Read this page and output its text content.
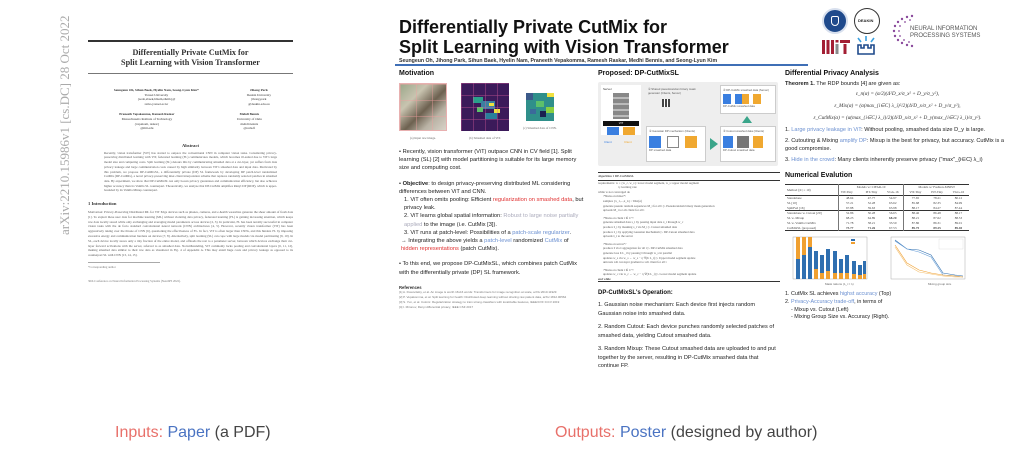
arXiv:2210.15986v1 [cs.DC] 28 Oct 2022	Differentially Private CutMix for
Split Learning with Vision Transformer
Seungeun Oh, Sihun Baek, Hyelin Nam, Seong-Lyun Kim*
Yonsei University
{seoh,sbaek,hlnam,slkim}@
ramo.yonsei.ac.kr
Jihong Park
Deakin University
jihong.park
@deakin.edu.au
Praneeth Vepakomma, Ramesh Raskar
Massachusetts Institute of Technology
{vepakom, raskar}
@mit.edu
Mehdi Bennis
University of Oulu
mehdi.bennis
@oulu.fi
Abstract
Recently, vision transformer (ViT) has started to outpace the conventional CNN in computer vision tasks. Considering privacy-preserving distributed learning with ViT, federated learning (FL) communicates models, which becomes ill-suited due to ViT's large model size and computing costs. Split learning (SL) detours this by communicating smashed data at a cut-layer, yet suffers from data privacy leakage and large communication costs caused by high similarity between ViT's smashed data and input data. Motivated by this problem, we propose DP-CutMixSL, a differentially private (DP) SL framework by developing DP patch-level randomized CutMix (DP-CutMix), a novel privacy-preserving inter-client interpolation scheme that replaces randomly selected patches in smashed data. By experiment, we show that DP-CutMixSL not only boosts privacy guarantees and communication efficiency, but also achieves higher accuracy than its Vanilla SL counterpart. Theoretically, we analyze that DP-CutMix amplifies Rényi DP (RDP), which is upper-bounded by its Vanilla Mixup counterpart.
1 Introduction
Motivation: Privacy-Preserving Distributed ML for ViT Edge devices such as phones, cameras, and e-health wearables generate the sheer amount of fresh data [1]. To exploit these user data for machine learning (ML) without violating data privacy, federated learning (FL) is gaining increasing attention, which keeps raw data locally stored while only exchanging and averaging model parameters across devices [2, 3]. In particular, FL has been notably successful in computer vision tasks with the de facto standard convolutional neural network (CNN) architectures [4, 5]. However, recently vision transformer (ViT) has been aggressively taking over the throne of CNN [6], questioning the effectiveness of FL. In fact, ViT is often larger than CNNs, and this hinders FL by imposing excessive energy and communication burdens on devices [7, 8]. Alternatively, split learning (SL) can cope with large models via model partitioning [9, 10]. In SL, each device locally stores only a tiny fraction of the entire model, and offloads the rest to a parameter server, between which devices exchange their cut-layer forward activations with the server, referred to as smashed data. Notwithstanding, ViT commonly lacks pooling and convolutional layers [6, 11, 12], making smashed data similar to their raw data as visualized in Fig. 4 of Appendix A. This may entail huge costs and privacy leakage as opposed to its counterpart SL with CNN [13, 14, 15].
*Corresponding author
36th Conference on Neural Information Processing Systems (NeurIPS 2022).
Inputs: Paper (a PDF)
Differentially Private CutMix for
Split Learning with Vision Transformer
Seungeun Oh, Jihong Park, Sihun Baek, Hyelin Nam, Praneeth Vepakomma, Ramesh Raskar, Medhi Bennis, and Seong-Lyun Kim
DEAKIN
NEURAL INFORMATION
PROCESSING SYSTEMS
Motivation
(a) Input raw image.	(b) Smashed data of ViT.
(c) Smashed data of CNN.
• Recently, vision transformer (ViT) outpace CNN in CV field [1]. Split learning (SL) [2] with model partitioning is suitable for its large memory size and computing cost.
• Objective: to design privacy-preserving distributed ML considering differences between ViT and CNN.
1. ViT often omits pooling: Efficient regularization on smashed data, but privacy leak.
2. ViT learns global spatial information: Robust to large noise partially applied to the image (i.e. CutMix [3]).
3. ViT runs at patch-level: Possibilities of a patch-scale regularizer.
→ Integrating the above yields a patch-level randomized CutMix of hidden representations (patch CutMix).
• To this end, we propose DP-CutMixSL, which combines patch CutMix with the differentially private (DP) SL framework.
References
[1] A. Dosovitskiy, et al. An image is worth 16x16 words: Transformers for image recognition at scale, arXiv:2010.11929
[2] P. Vepakomma, et al. Split learning for health: Distributed deep learning without sharing raw patient data, arXiv:1812.00564
[3] S. Yun, et al. Cutmix: Regularization strategy to train strong classifiers with localizable features, IEEE/CVF ICCV 2019
[4] I. Mironov, Rényi differential privacy, IEEE CSF 2017
Proposed: DP-CutMixSL
Server
ViT
Client	Client
① Shared pseudorandom binary mask generator (Clients, Server)
② Gaussian DP mechanism (Clients)
DP smashed data
③ Cutout smashed data (Clients)
DP-Cutout smashed data
④ DP-CutMix smashed data (Server)
DP-CutMix smashed data
Algorithm 1 DP-CutMixSL
requirements: w = {w_c, w_s}: lower model segment, w_s: upper model segment
η: learning rate
while w not converged do
/*Runs on mixer*/
samples {x_1,...,x_n} ~ Dist(α)
generate pseudo random sequences M_i for all i ▷ Pseudorandom binary mask generation
uploads M_i to i-th client for all i
/*Runs on client i ∈ C*/
generate smashed data s_i by passing input data x_i through w_c
produce ŝ_i by masking s_i via M_i ▷ Cutout smashed data
produce š_i by applying Gaussian mechanism ▷ DP-Cutout smashed data
uploads š_i to the server
/*Runs on server*/
produce s̃ via š aggregation for all i ▷ DP-CutMix smashed data
generate loss Σ L_i by passing s̃ through w_s in parallel
updates w_s via w_s ← w_s − η·∇(Σ L_i) ▷ Upper model segment update
unicasts i-th cut-layer gradient to i-th client for all i
/*Runs on client i ∈ C*/
updates w_c via w_c ← w_c − η·∇(Σ L_i) ▷ Lower model segment update
end while
DP-CutMixSL's Operation:
1. Gaussian noise mechanism: Each device first injects random Gaussian noise into smashed data.
2. Random Cutout: Each device punches randomly selected patches of smashed data, yielding Cutout smashed data.
3. Random Mixup: These Cutout smashed data are uploaded to and put together by the server, resulting in DP-CutMix smashed data that continue FP.
Differential Privacy Analysis
Theorem 1. The RDP bounds [4] are given as:
ε_n(α) = (α/2)(Δ²D_x/σ_x² + D_y/σ_y²),
ε_Mix(α) = (α(max_{i∈C} λ_i)²/2)(Δ²D_x/σ_x² + D_y/σ_y²),
ε_CutMix(α) = (α(max_{i∈C} λ_i)/2)(Δ²D_x/σ_x² + D_y(max_{i∈C} λ_i)/σ_y²).
1. Large privacy leakage in ViT: Without pooling, smashed data size D_y is large.
2. Cutouting & Mixing amplify DP: Mixup is the best for privacy, but accuracy. CutMix is a good compromise.
3. Hide in the crowd: Many clients inherently preserve privacy ("max"_{i∈C} λ_i)
Numerical Evalution
Method (|C| = 10)	Models w/ CIFAR-10			Models w/ Fashion-MNIST		
	ViT-Tiny	PiT-Tiny	VGG-16	ViT-Tiny	PiT-Tiny	VGG-16
Standalone	48.64	47.77	54.97	77.65	78.21	80.12
SL [10]	57.21	52.28	63.62	85.68	82.35	84.99
SplitFed [16]	67.88	59.63	63.98	88.17	84.27	87.44
Standalone w. Cutout [20]	52.86	50.28	56.65	88.46	86.48	88.17
SL w. Mixup	68.23	64.89	68.20	88.21	87.62	88.53
SL w. Vanilla CutMix	71.78	58.21	33.50	87.86	86.31	89.01
CutMixSL (proposed)	73.77	71.26	67.53	89.75	89.25	89.40
Mask rations (λ_i = λ)	Mixing group size
1. CutMix SL achieves highst accuracy (Top)
2. Privacy-Accuracy trade-off, in terms of
- Mixup vs. Cutout (Left)
- Mixing Group Size vs. Accuracy (Right).
Outputs: Poster (designed by author)
